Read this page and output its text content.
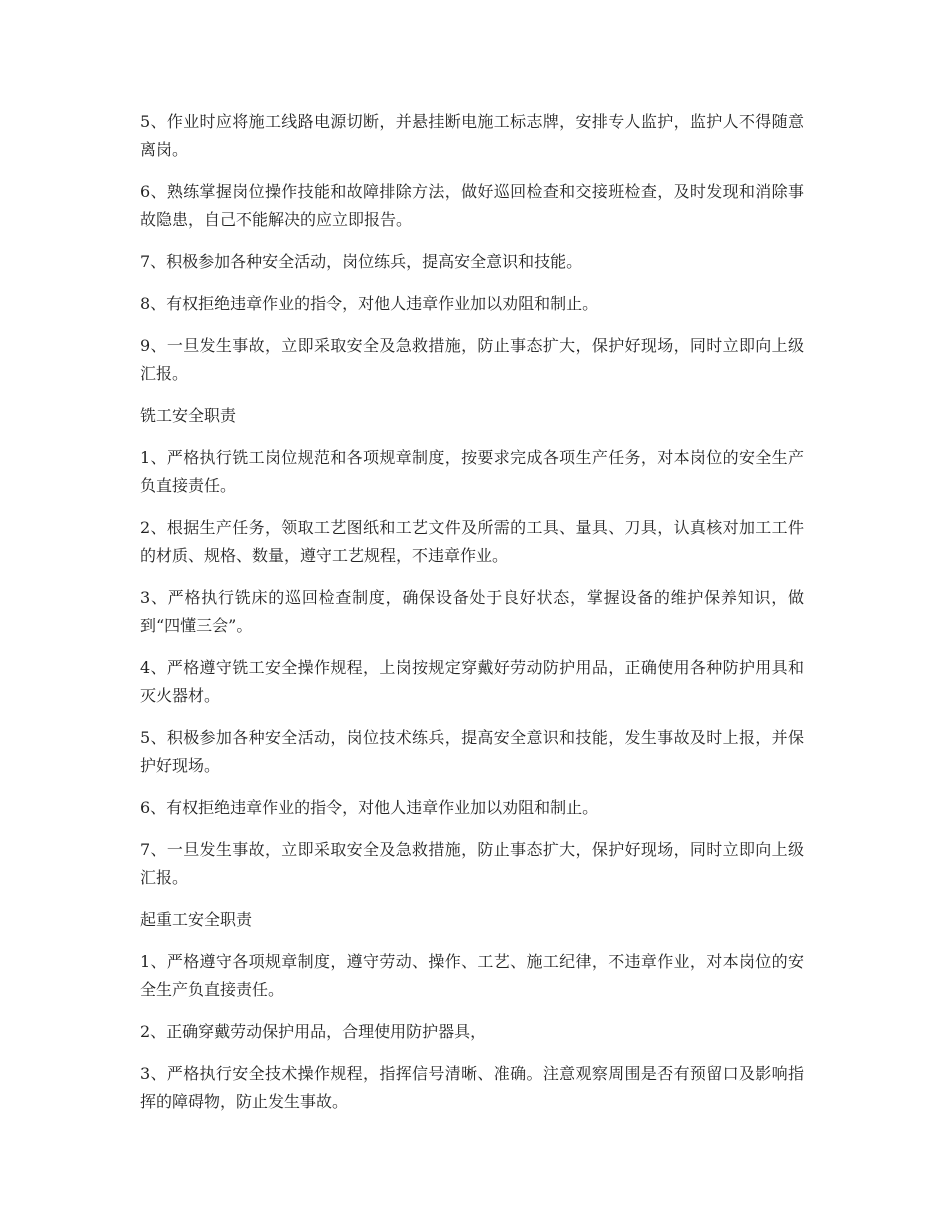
5、作业时应将施工线路电源切断，并悬挂断电施工标志牌，安排专人监护，监护人不得随意离岗。

6、熟练掌握岗位操作技能和故障排除方法，做好巡回检查和交接班检查，及时发现和消除事故隐患，自己不能解决的应立即报告。

7、积极参加各种安全活动，岗位练兵，提高安全意识和技能。

8、有权拒绝违章作业的指令，对他人违章作业加以劝阻和制止。

9、一旦发生事故，立即采取安全及急救措施，防止事态扩大，保护好现场，同时立即向上级汇报。

铣工安全职责

1、严格执行铣工岗位规范和各项规章制度，按要求完成各项生产任务，对本岗位的安全生产负直接责任。

2、根据生产任务，领取工艺图纸和工艺文件及所需的工具、量具、刀具，认真核对加工工件的材质、规格、数量，遵守工艺规程，不违章作业。

3、严格执行铣床的巡回检查制度，确保设备处于良好状态，掌握设备的维护保养知识，做到“四懂三会”。

4、严格遵守铣工安全操作规程，上岗按规定穿戴好劳动防护用品，正确使用各种防护用具和灭火器材。

5、积极参加各种安全活动，岗位技术练兵，提高安全意识和技能，发生事故及时上报，并保护好现场。

6、有权拒绝违章作业的指令，对他人违章作业加以劝阻和制止。

7、一旦发生事故，立即采取安全及急救措施，防止事态扩大，保护好现场，同时立即向上级汇报。

起重工安全职责

1、严格遵守各项规章制度，遵守劳动、操作、工艺、施工纪律，不违章作业，对本岗位的安全生产负直接责任。

2、正确穿戴劳动保护用品，合理使用防护器具，

3、严格执行安全技术操作规程，指挥信号清晰、准确。注意观察周围是否有预留口及影响指挥的障碍物，防止发生事故。
